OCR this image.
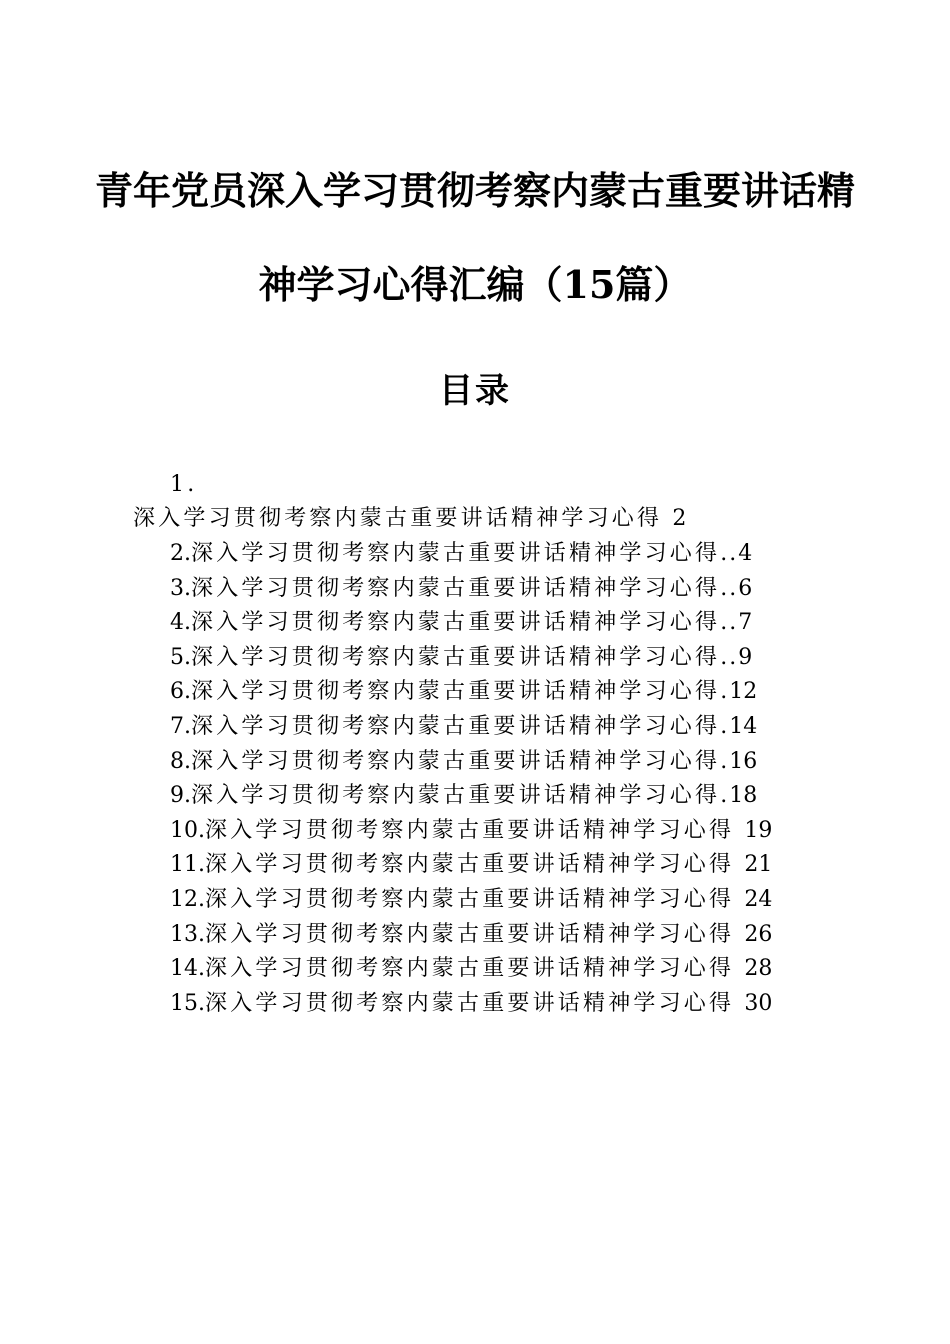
青年党员深入学习贯彻考察内蒙古重要讲话精
神学习心得汇编（15篇）
目录
1.
深入学习贯彻考察内蒙古重要讲话精神学习心得 2
2.深入学习贯彻考察内蒙古重要讲话精神学习心得..4
3.深入学习贯彻考察内蒙古重要讲话精神学习心得..6
4.深入学习贯彻考察内蒙古重要讲话精神学习心得..7
5.深入学习贯彻考察内蒙古重要讲话精神学习心得..9
6.深入学习贯彻考察内蒙古重要讲话精神学习心得.12
7.深入学习贯彻考察内蒙古重要讲话精神学习心得.14
8.深入学习贯彻考察内蒙古重要讲话精神学习心得.16
9.深入学习贯彻考察内蒙古重要讲话精神学习心得.18
10.深入学习贯彻考察内蒙古重要讲话精神学习心得 19
11.深入学习贯彻考察内蒙古重要讲话精神学习心得 21
12.深入学习贯彻考察内蒙古重要讲话精神学习心得 24
13.深入学习贯彻考察内蒙古重要讲话精神学习心得 26
14.深入学习贯彻考察内蒙古重要讲话精神学习心得 28
15.深入学习贯彻考察内蒙古重要讲话精神学习心得 30
